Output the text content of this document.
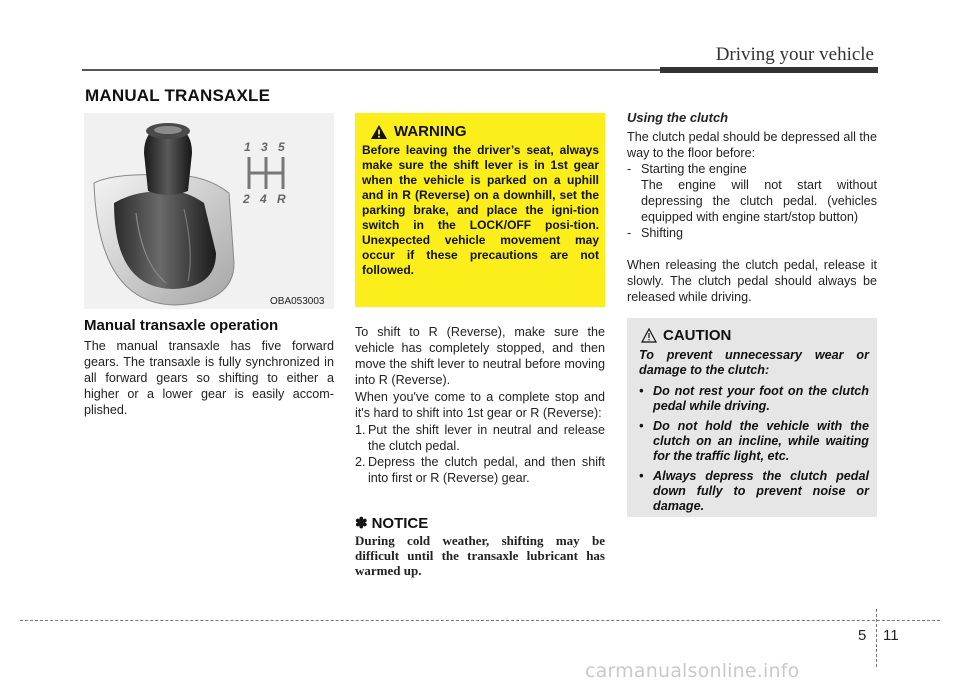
Driving your vehicle
MANUAL TRANSAXLE
1 3 5
2 4 R
OBA053003
Manual transaxle operation
The manual transaxle has five forward gears. The transaxle is fully synchronized in all forward gears so shifting to either a higher or a lower gear is easily accom-plished.
WARNING
Before leaving the driver’s seat, always make sure the shift lever is in 1st gear when the vehicle is parked on a uphill and in R (Reverse) on a downhill, set the parking brake, and place the igni-tion switch in the LOCK/OFF posi-tion. Unexpected vehicle movement may occur if these precautions are not followed.

To shift to R (Reverse), make sure the vehicle has completely stopped, and then move the shift lever to neutral before moving into R (Reverse).

When you've come to a complete stop and it's hard to shift into 1st gear or R (Reverse):

1. Put the shift lever in neutral and release the clutch pedal.
2. Depress the clutch pedal, and then shift into first or R (Reverse) gear.
✽ NOTICE
During cold weather, shifting may be difficult until the transaxle lubricant has warmed up.
Using the clutch
The clutch pedal should be depressed all the way to the floor before:
- Starting the engine
The engine will not start without depressing the clutch pedal. (vehicles equipped with engine start/stop button)
- Shifting
When releasing the clutch pedal, release it slowly. The clutch pedal should always be released while driving.
CAUTION
To prevent unnecessary wear or damage to the clutch:
• Do not rest your foot on the clutch pedal while driving.
• Do not hold the vehicle with the clutch on an incline, while waiting for the traffic light, etc.
• Always depress the clutch pedal down fully to prevent noise or damage.
5 11
carmanualsonline.info
